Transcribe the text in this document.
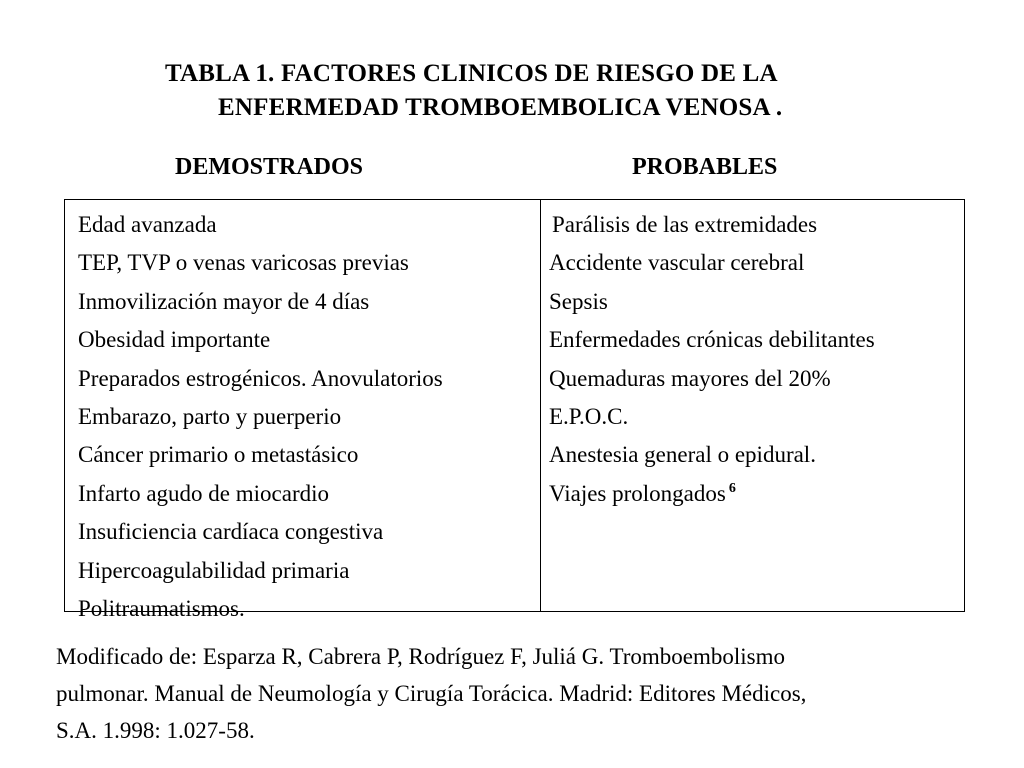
TABLA 1. FACTORES CLINICOS DE RIESGO DE LA
ENFERMEDAD TROMBOEMBOLICA VENOSA .
DEMOSTRADOS	PROBABLES
Edad avanzada
TEP, TVP o venas varicosas previas
Inmovilización mayor de 4 días
Obesidad importante
Preparados estrogénicos. Anovulatorios
Embarazo, parto y puerperio
Cáncer primario o metastásico
Infarto agudo de miocardio
Insuficiencia cardíaca congestiva
Hipercoagulabilidad primaria
Politraumatismos.
Parálisis de las extremidades
Accidente vascular cerebral
Sepsis
Enfermedades crónicas debilitantes
Quemaduras mayores del 20%
E.P.O.C.
Anestesia general o epidural.
Viajes prolongados $^6$
Modificado de: Esparza R, Cabrera P, Rodríguez F, Juliá G. Tromboembolismo
pulmonar. Manual de Neumología y Cirugía Torácica. Madrid: Editores Médicos,
S.A. 1.998: 1.027-58.
